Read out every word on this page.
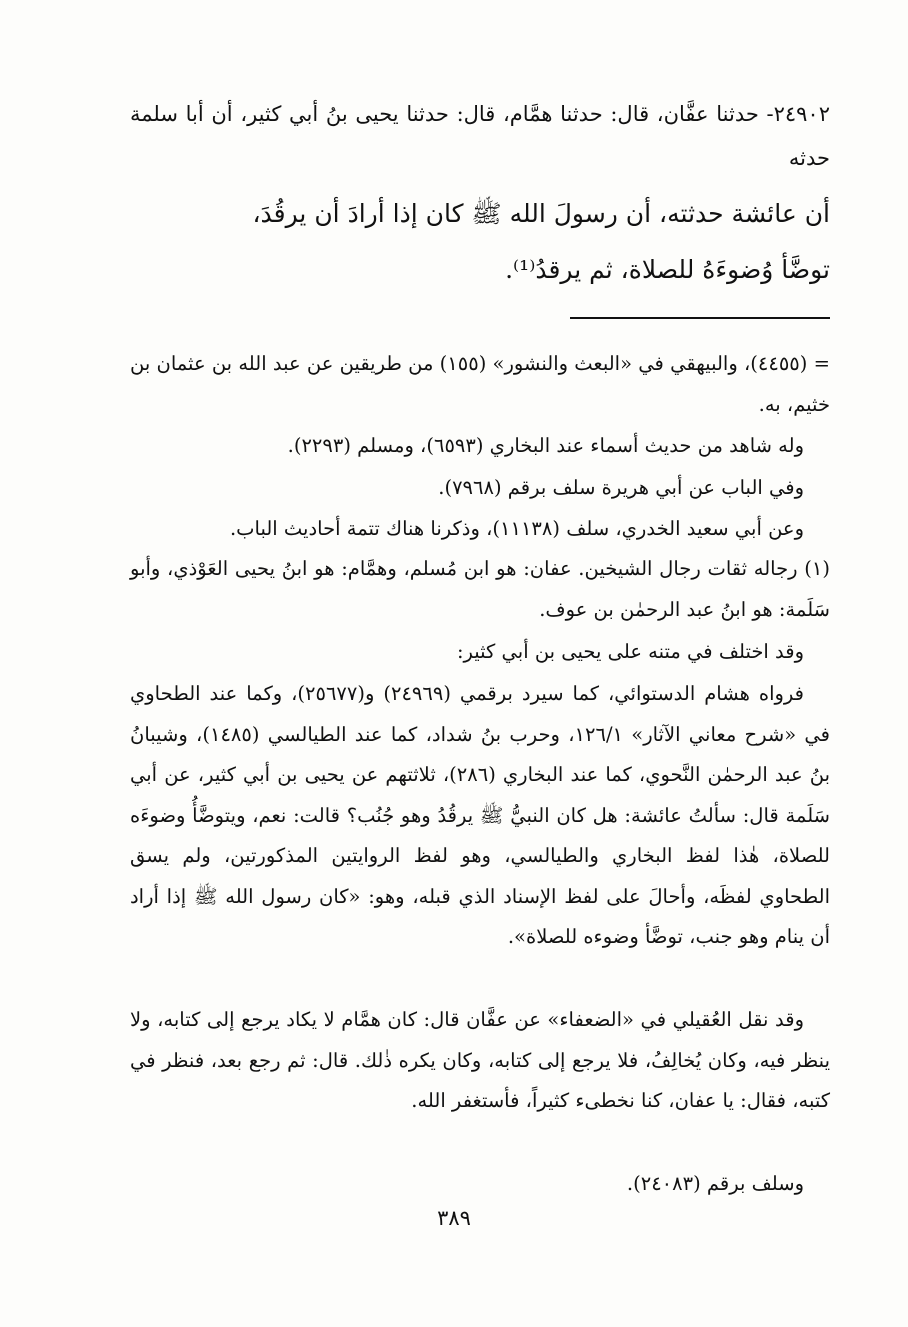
٢٤٩٠٢- حدثنا عفَّان، قال: حدثنا همَّام، قال: حدثنا يحيى بنُ أبي كثير، أن أبا سلمة حدثه
أن عائشة حدثته، أن رسولَ الله ﷺ كان إذا أرادَ أن يرقُدَ،
توضَّأ وُضوءَهُ للصلاة، ثم يرقدُ⁽¹⁾.
= (٤٤٥٥)، والبيهقي في «البعث والنشور» (١٥٥) من طريقين عن عبد الله بن عثمان بن خثيم، به.
وله شاهد من حديث أسماء عند البخاري (٦٥٩٣)، ومسلم (٢٢٩٣).
وفي الباب عن أبي هريرة سلف برقم (٧٩٦٨).
وعن أبي سعيد الخدري، سلف (١١١٣٨)، وذكرنا هناك تتمة أحاديث الباب.
(١) رجاله ثقات رجال الشيخين. عفان: هو ابن مُسلم، وهمَّام: هو ابنُ يحيى العَوْذي، وأبو سَلَمة: هو ابنُ عبد الرحمٰن بن عوف.
وقد اختلف في متنه على يحيى بن أبي كثير:
فرواه هشام الدستوائي، كما سيرد برقمي (٢٤٩٦٩) و(٢٥٦٧٧)، وكما عند الطحاوي في «شرح معاني الآثار» ١٢٦/١، وحرب بنُ شداد، كما عند الطيالسي (١٤٨٥)، وشيبانُ بنُ عبد الرحمٰن النَّحوي، كما عند البخاري (٢٨٦)، ثلاثتهم عن يحيى بن أبي كثير، عن أبي سَلَمة قال: سألتُ عائشة: هل كان النبيُّ ﷺ يرقُدُ وهو جُنُب؟ قالت: نعم، ويتوضَّأُ وضوءَه للصلاة، هٰذا لفظ البخاري والطيالسي، وهو لفظ الروايتين المذكورتين، ولم يسق الطحاوي لفظَه، وأحالَ على لفظ الإسناد الذي قبله، وهو: «كان رسول الله ﷺ إذا أراد أن ينام وهو جنب، توضَّأ وضوءه للصلاة».
وقد نقل العُقيلي في «الضعفاء» عن عفَّان قال: كان همَّام لا يكاد يرجع إلى كتابه، ولا ينظر فيه، وكان يُخالِفُ، فلا يرجع إلى كتابه، وكان يكره ذٰلك. قال: ثم رجع بعد، فنظر في كتبه، فقال: يا عفان، كنا نخطىء كثيراً، فأستغفر الله.
وسلف برقم (٢٤٠٨٣).
٣٨٩
